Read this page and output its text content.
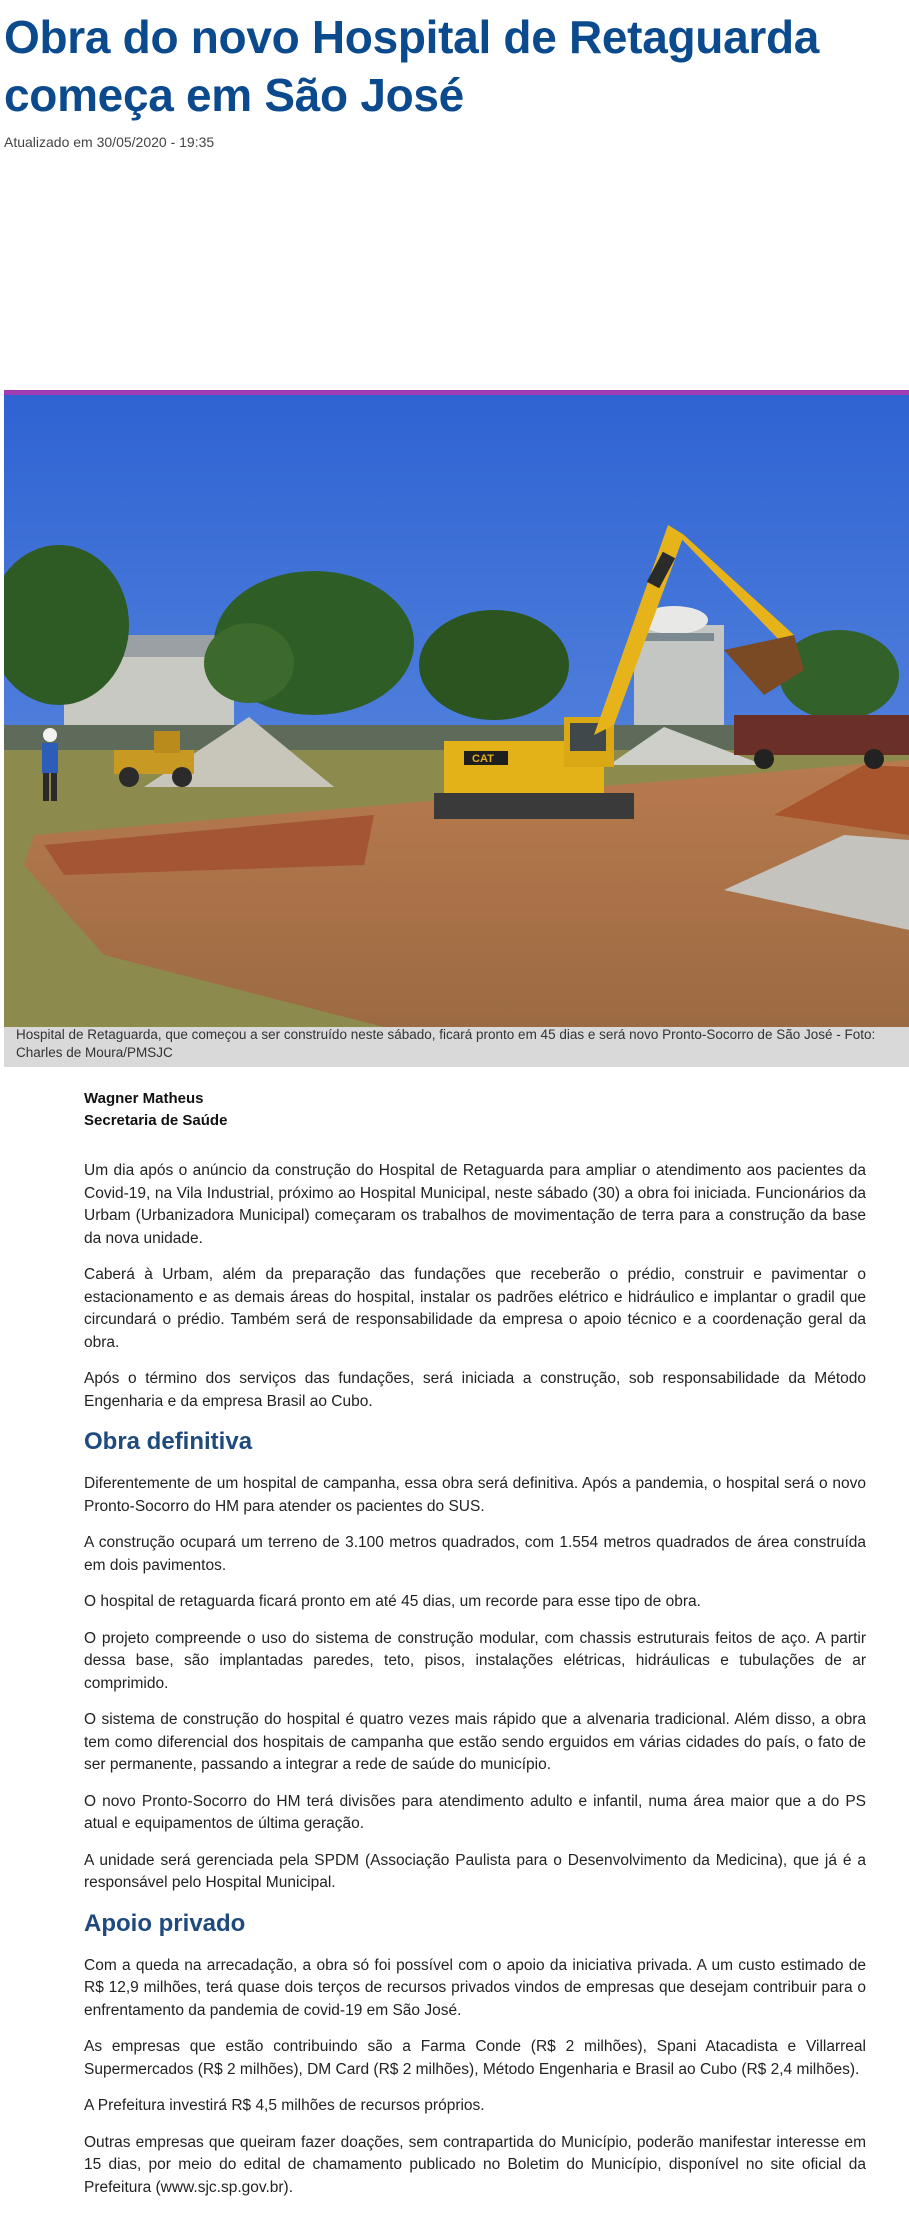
Obra do novo Hospital de Retaguarda começa em São José

Atualizado em 30/05/2020 - 19:35

CAT

Hospital de Retaguarda, que começou a ser construído neste sábado, ficará pronto em 45 dias e será novo Pronto-Socorro de São José - Foto: Charles de Moura/PMSJC

Wagner Matheus
Secretaria de Saúde

Um dia após o anúncio da construção do Hospital de Retaguarda para ampliar o atendimento aos pacientes da Covid-19, na Vila Industrial, próximo ao Hospital Municipal, neste sábado (30) a obra foi iniciada. Funcionários da Urbam (Urbanizadora Municipal) começaram os trabalhos de movimentação de terra para a construção da base da nova unidade.

Caberá à Urbam, além da preparação das fundações que receberão o prédio, construir e pavimentar o estacionamento e as demais áreas do hospital, instalar os padrões elétrico e hidráulico e implantar o gradil que circundará o prédio. Também será de responsabilidade da empresa o apoio técnico e a coordenação geral da obra.

Após o término dos serviços das fundações, será iniciada a construção, sob responsabilidade da Método Engenharia e da empresa Brasil ao Cubo.

Obra definitiva

Diferentemente de um hospital de campanha, essa obra será definitiva. Após a pandemia, o hospital será o novo Pronto-Socorro do HM para atender os pacientes do SUS.

A construção ocupará um terreno de 3.100 metros quadrados, com 1.554 metros quadrados de área construída em dois pavimentos.

O hospital de retaguarda ficará pronto em até 45 dias, um recorde para esse tipo de obra.

O projeto compreende o uso do sistema de construção modular, com chassis estruturais feitos de aço. A partir dessa base, são implantadas paredes, teto, pisos, instalações elétricas, hidráulicas e tubulações de ar comprimido.

O sistema de construção do hospital é quatro vezes mais rápido que a alvenaria tradicional. Além disso, a obra tem como diferencial dos hospitais de campanha que estão sendo erguidos em várias cidades do país, o fato de ser permanente, passando a integrar a rede de saúde do município.

O novo Pronto-Socorro do HM terá divisões para atendimento adulto e infantil, numa área maior que a do PS atual e equipamentos de última geração.

A unidade será gerenciada pela SPDM (Associação Paulista para o Desenvolvimento da Medicina), que já é a responsável pelo Hospital Municipal.

Apoio privado

Com a queda na arrecadação, a obra só foi possível com o apoio da iniciativa privada. A um custo estimado de R$ 12,9 milhões, terá quase dois terços de recursos privados vindos de empresas que desejam contribuir para o enfrentamento da pandemia de covid-19 em São José.

As empresas que estão contribuindo são a Farma Conde (R$ 2 milhões), Spani Atacadista e Villarreal Supermercados (R$ 2 milhões), DM Card (R$ 2 milhões), Método Engenharia e Brasil ao Cubo (R$ 2,4 milhões).

A Prefeitura investirá R$ 4,5 milhões de recursos próprios.

Outras empresas que queiram fazer doações, sem contrapartida do Município, poderão manifestar interesse em 15 dias, por meio do edital de chamamento publicado no Boletim do Município, disponível no site oficial da Prefeitura (www.sjc.sp.gov.br).
